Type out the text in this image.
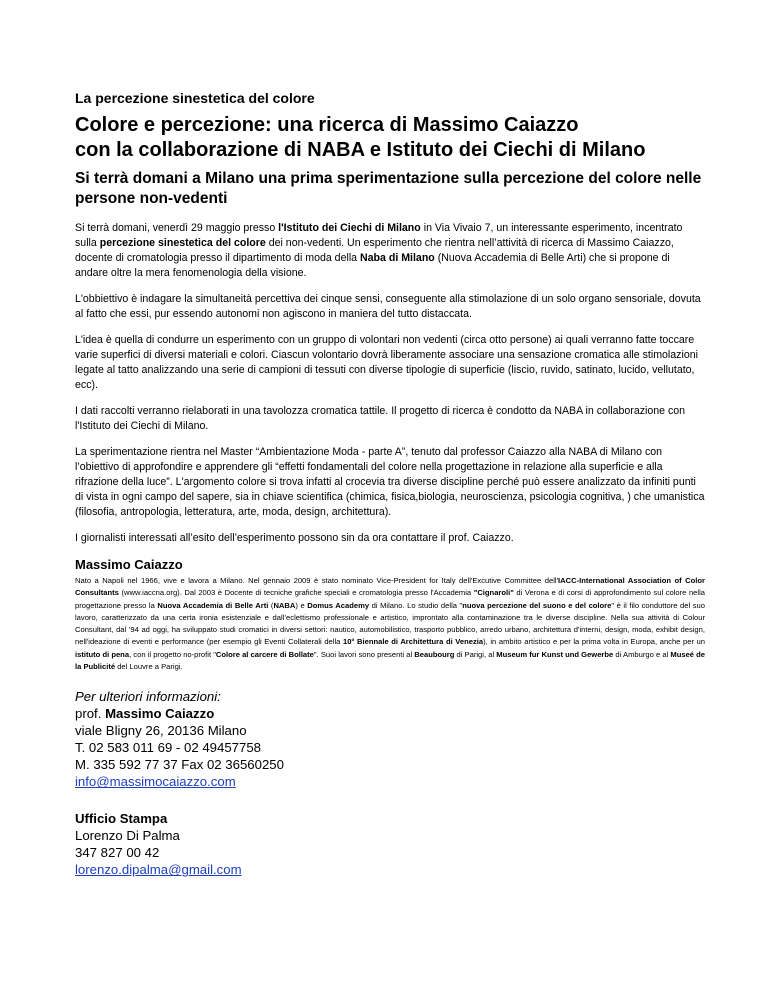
La percezione sinestetica del colore
Colore e percezione: una ricerca di Massimo Caiazzo
con la collaborazione di NABA e Istituto dei Ciechi di Milano
Si terrà domani a Milano una prima sperimentazione sulla percezione del colore nelle persone non-vedenti

Si terrà domani, venerdì 29 maggio presso l'Istituto dei Ciechi di Milano in Via Vivaio 7, un interessante esperimento, incentrato sulla percezione sinestetica del colore dei non-vedenti. Un esperimento che rientra nell’attività di ricerca di Massimo Caiazzo, docente di cromatologia presso il dipartimento di moda della Naba di Milano (Nuova Accademia di Belle Arti) che si propone di andare oltre la mera fenomenologia della visione.

L'obbiettivo è indagare la simultaneità percettiva dei cinque sensi, conseguente alla stimolazione di un solo organo sensoriale, dovuta al fatto che essi, pur essendo autonomi non agiscono in maniera del tutto distaccata.

L'idea è quella di condurre un esperimento con un gruppo di volontari non vedenti (circa otto persone) ai quali verranno fatte toccare varie superfici di diversi materiali e colori. Ciascun volontario dovrà liberamente associare una sensazione cromatica alle stimolazioni legate al tatto analizzando una serie di campioni di tessuti con diverse tipologie di superficie (liscio, ruvido, satinato, lucido, vellutato, ecc).

I dati raccolti verranno rielaborati in una tavolozza cromatica tattile. Il progetto di ricerca è condotto da NABA in collaborazione con l'Istituto dei Ciechi di Milano.

La sperimentazione rientra nel Master “Ambientazione Moda - parte A”, tenuto dal professor Caiazzo alla NABA di Milano con l’obiettivo di approfondire e apprendere gli “effetti fondamentali del colore nella progettazione in relazione alla superficie e alla rifrazione della luce”. L'argomento colore si trova infatti al crocevia tra diverse discipline perché può essere analizzato da infiniti punti di vista in ogni campo del sapere, sia in chiave scientifica (chimica, fisica,biologia, neuroscienza, psicologia cognitiva, ) che umanistica (filosofia, antropologia, letteratura, arte, moda, design, architettura).

I giornalisti interessati all’esito dell’esperimento possono sin da ora contattare il prof. Caiazzo.

Massimo Caiazzo

Nato a Napoli nel 1966, vive e lavora a Milano. Nel gennaio 2009 è stato nominato Vice-President for Italy dell'Excutive Committee dell'IACC-International Association of Color Consultants (www.iaccna.org). Dal 2003 è Docente di tecniche grafiche speciali e cromatologia presso l'Accademia "Cignaroli" di Verona e di corsi di approfondimento sul colore nella progettazione presso la Nuova Accademia di Belle Arti (NABA) e Domus Academy di Milano. Lo studio della "nuova percezione del suono e del colore" è il filo conduttore del suo lavoro, caratterizzato da una certa ironia esistenziale e dall’eclettismo professionale e artistico, improntato alla contaminazione tra le diverse discipline. Nella sua attività di Colour Consultant, dal '94 ad oggi, ha sviluppato studi cromatici in diversi settori: nautico, automobilistico, trasporto pubblico, arredo urbano, architettura d'interni, design, moda, exhibit design, nell'ideazione di eventi e performance (per esempio gli Eventi Collaterali della 10° Biennale di Architettura di Venezia), in ambito artistico e per la prima volta in Europa, anche per un istituto di pena, con il progetto no-profit "Colore al carcere di Bollate". Suoi lavori sono presenti al Beaubourg di Parigi, al Museum fur Kunst und Gewerbe di Amburgo e al Museé de la Publicité del Louvre a Parigi.

Per ulteriori informazioni:
prof. Massimo Caiazzo
viale Bligny 26, 20136 Milano
T. 02 583 011 69 - 02 49457758
M. 335 592 77 37 Fax 02 36560250
info@massimocaiazzo.com
Ufficio Stampa
Lorenzo Di Palma
347 827 00 42
lorenzo.dipalma@gmail.com
